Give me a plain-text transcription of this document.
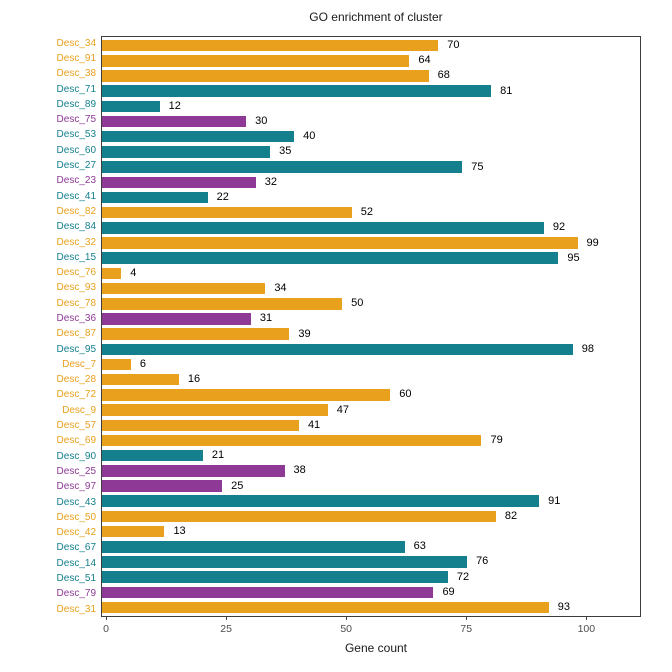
GO enrichment of cluster
Desc_34
Desc_91
Desc_38
Desc_71
Desc_89
Desc_75
Desc_53
Desc_60
Desc_27
Desc_23
Desc_41
Desc_82
Desc_84
Desc_32
Desc_15
Desc_76
Desc_93
Desc_78
Desc_36
Desc_87
Desc_95
Desc_7
Desc_28
Desc_72
Desc_9
Desc_57
Desc_69
Desc_90
Desc_25
Desc_97
Desc_43
Desc_50
Desc_42
Desc_67
Desc_14
Desc_51
Desc_79
Desc_31
70
64
68
81
12
30
40
35
75
32
22
52
92
99
95
4
34
50
31
39
98
6
16
60
47
41
79
21
38
25
91
82
13
63
76
72
69
93
0	25	50	75	100
Gene count
